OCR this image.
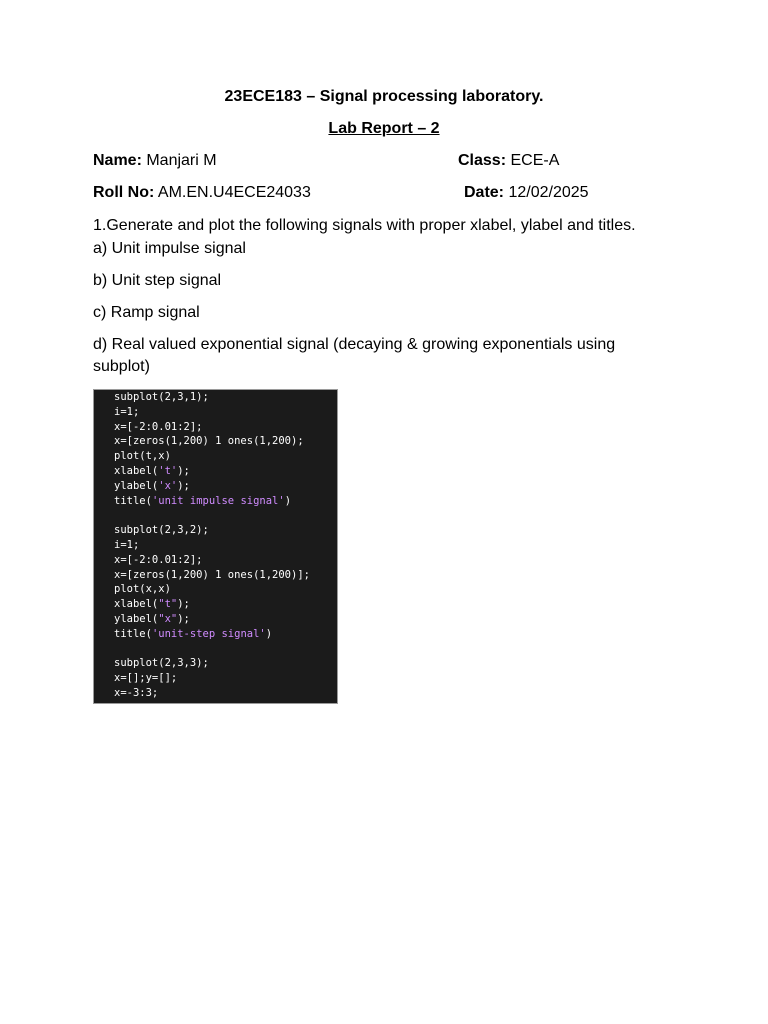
23ECE183 – Signal processing laboratory.
Lab Report – 2
Name: Manjari M	Class: ECE-A
Roll No: AM.EN.U4ECE24033	Date: 12/02/2025
1.Generate and plot the following signals with proper xlabel, ylabel and titles.
a) Unit impulse signal
b) Unit step signal
c) Ramp signal
d) Real valued exponential signal (decaying & growing exponentials using subplot)
subplot(2,3,1);
i=1;
x=[-2:0.01:2];
x=[zeros(1,200) 1 ones(1,200);
plot(t,x)
xlabel('t');
ylabel('x');
title('unit impulse signal')
subplot(2,3,2);
i=1;
x=[-2:0.01:2];
x=[zeros(1,200) 1 ones(1,200)];
plot(x,x)
xlabel("t");
ylabel("x");
title('unit-step signal')
subplot(2,3,3);
x=[];y=[];
x=-3:3;
